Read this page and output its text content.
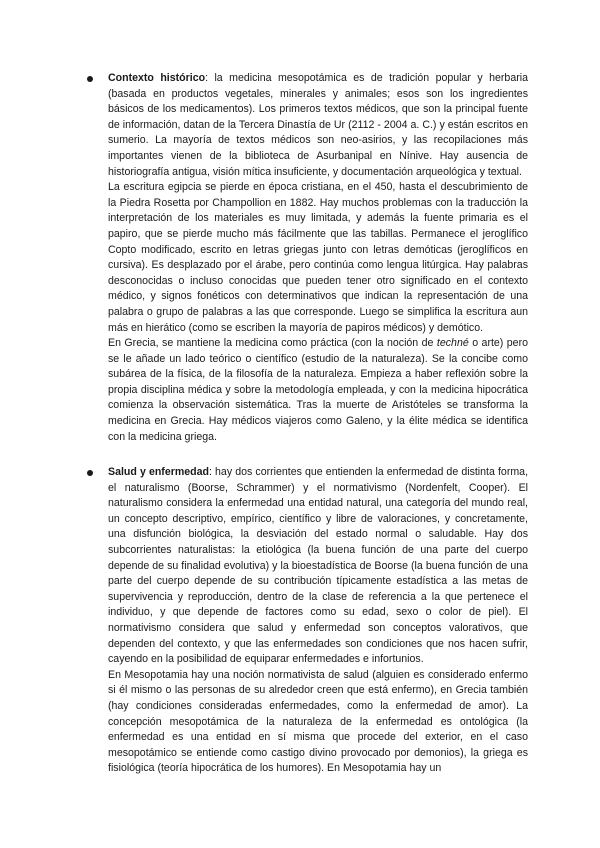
Contexto histórico: la medicina mesopotámica es de tradición popular y herbaria (basada en productos vegetales, minerales y animales; esos son los ingredientes básicos de los medicamentos). Los primeros textos médicos, que son la principal fuente de información, datan de la Tercera Dinastía de Ur (2112 - 2004 a. C.) y están escritos en sumerio. La mayoría de textos médicos son neo-asirios, y las recopilaciones más importantes vienen de la biblioteca de Asurbanipal en Nínive. Hay ausencia de historiografía antigua, visión mítica insuficiente, y documentación arqueológica y textual.

La escritura egipcia se pierde en época cristiana, en el 450, hasta el descubrimiento de la Piedra Rosetta por Champollion en 1882. Hay muchos problemas con la traducción la interpretación de los materiales es muy limitada, y además la fuente primaria es el papiro, que se pierde mucho más fácilmente que las tabillas. Permanece el jeroglífico Copto modificado, escrito en letras griegas junto con letras demóticas (jeroglíficos en cursiva). Es desplazado por el árabe, pero continúa como lengua litúrgica. Hay palabras desconocidas o incluso conocidas que pueden tener otro significado en el contexto médico, y signos fonéticos con determinativos que indican la representación de una palabra o grupo de palabras a las que corresponde. Luego se simplifica la escritura aun más en hierático (como se escriben la mayoría de papiros médicos) y demótico.

En Grecia, se mantiene la medicina como práctica (con la noción de techné o arte) pero se le añade un lado teórico o científico (estudio de la naturaleza). Se la concibe como subárea de la física, de la filosofía de la naturaleza. Empieza a haber reflexión sobre la propia disciplina médica y sobre la metodología empleada, y con la medicina hipocrática comienza la observación sistemática. Tras la muerte de Aristóteles se transforma la medicina en Grecia. Hay médicos viajeros como Galeno, y la élite médica se identifica con la medicina griega.

Salud y enfermedad: hay dos corrientes que entienden la enfermedad de distinta forma, el naturalismo (Boorse, Schrammer) y el normativismo (Nordenfelt, Cooper). El naturalismo considera la enfermedad una entidad natural, una categoría del mundo real, un concepto descriptivo, empírico, científico y libre de valoraciones, y concretamente, una disfunción biológica, la desviación del estado normal o saludable. Hay dos subcorrientes naturalistas: la etiológica (la buena función de una parte del cuerpo depende de su finalidad evolutiva) y la bioestadística de Boorse (la buena función de una parte del cuerpo depende de su contribución típicamente estadística a las metas de supervivencia y reproducción, dentro de la clase de referencia a la que pertenece el individuo, y que depende de factores como su edad, sexo o color de piel). El normativismo considera que salud y enfermedad son conceptos valorativos, que dependen del contexto, y que las enfermedades son condiciones que nos hacen sufrir, cayendo en la posibilidad de equiparar enfermedades e infortunios.

En Mesopotamia hay una noción normativista de salud (alguien es considerado enfermo si él mismo o las personas de su alrededor creen que está enfermo), en Grecia también (hay condiciones consideradas enfermedades, como la enfermedad de amor). La concepción mesopotámica de la naturaleza de la enfermedad es ontológica (la enfermedad es una entidad en sí misma que procede del exterior, en el caso mesopotámico se entiende como castigo divino provocado por demonios), la griega es fisiológica (teoría hipocrática de los humores). En Mesopotamia hay un
